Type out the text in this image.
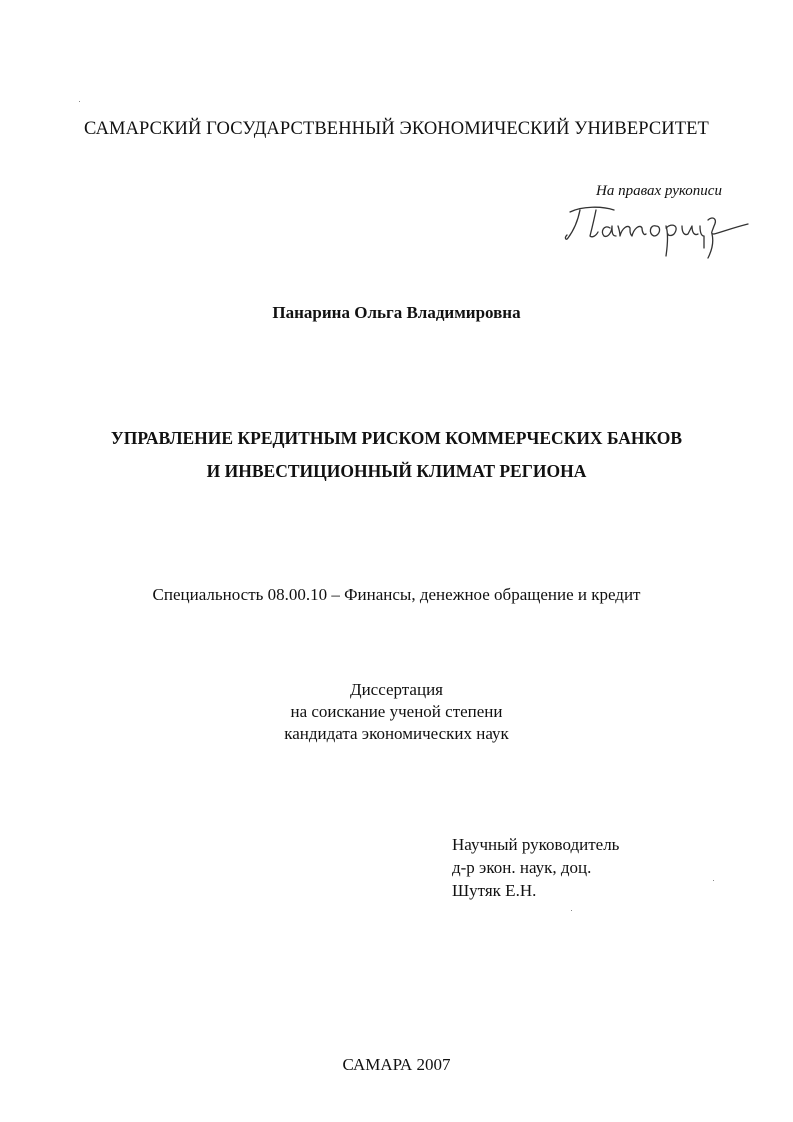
САМАРСКИЙ ГОСУДАРСТВЕННЫЙ ЭКОНОМИЧЕСКИЙ УНИВЕРСИТЕТ
На правах рукописи
Панарина Ольга Владимировна
УПРАВЛЕНИЕ КРЕДИТНЫМ РИСКОМ КОММЕРЧЕСКИХ БАНКОВ
И ИНВЕСТИЦИОННЫЙ КЛИМАТ РЕГИОНА
Специальность 08.00.10 – Финансы, денежное обращение и кредит
Диссертация
на соискание ученой степени
кандидата экономических наук
Научный руководитель
д-р экон. наук, доц.
Шутяк Е.Н.
САМАРА 2007
